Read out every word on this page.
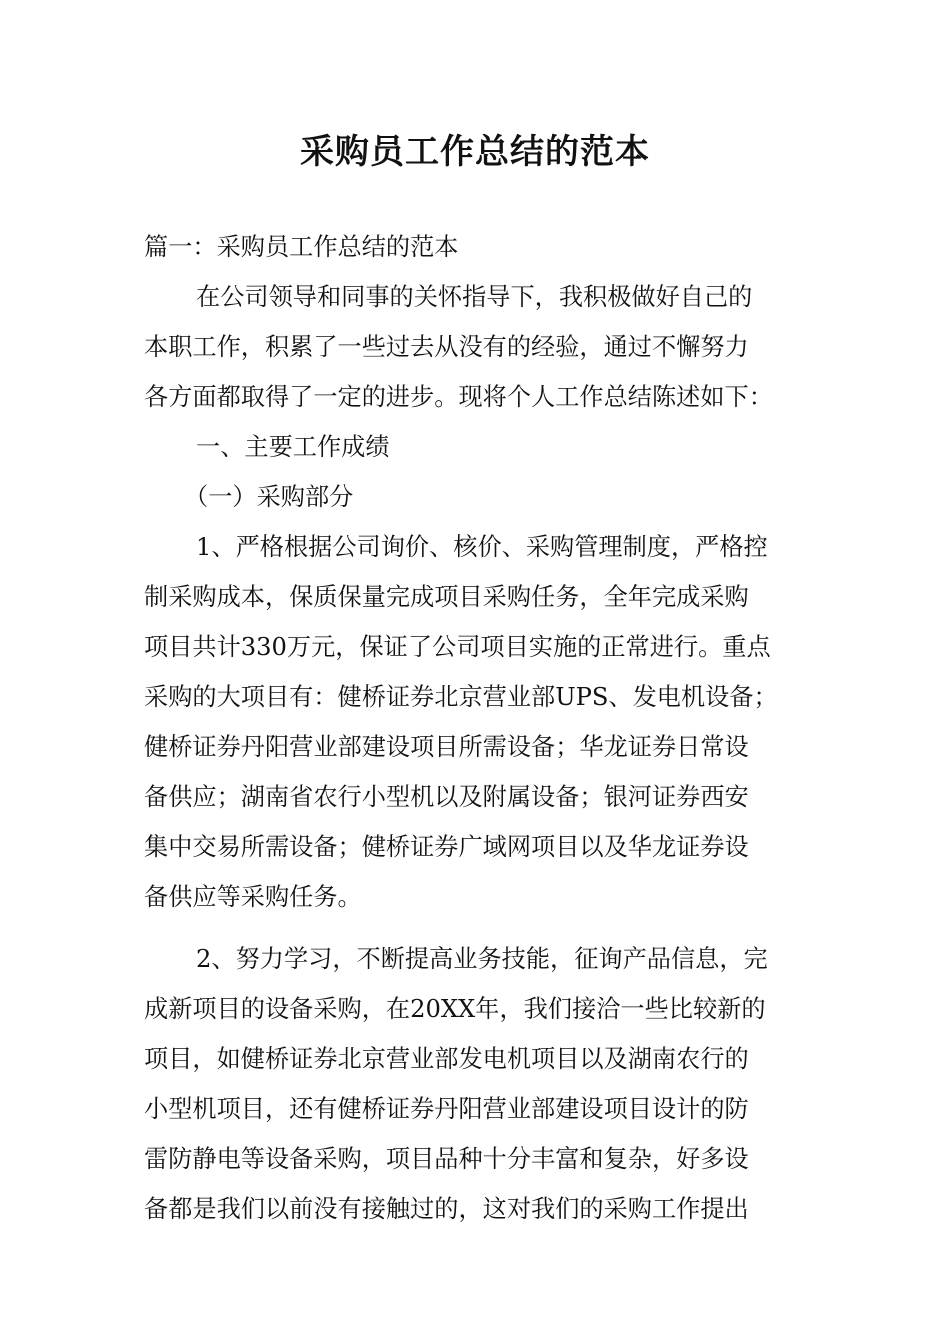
采购员工作总结的范本
篇一：采购员工作总结的范本
在公司领导和同事的关怀指导下，我积极做好自己的
本职工作，积累了一些过去从没有的经验，通过不懈努力
各方面都取得了一定的进步。现将个人工作总结陈述如下：
一、主要工作成绩
（一）采购部分
1、严格根据公司询价、核价、采购管理制度，严格控
制采购成本，保质保量完成项目采购任务，全年完成采购
项目共计330万元，保证了公司项目实施的正常进行。重点
采购的大项目有：健桥证券北京营业部UPS、发电机设备；
健桥证券丹阳营业部建设项目所需设备；华龙证券日常设
备供应；湖南省农行小型机以及附属设备；银河证券西安
集中交易所需设备；健桥证券广域网项目以及华龙证券设
备供应等采购任务。
2、努力学习，不断提高业务技能，征询产品信息，完
成新项目的设备采购，在20XX年，我们接洽一些比较新的
项目，如健桥证券北京营业部发电机项目以及湖南农行的
小型机项目，还有健桥证券丹阳营业部建设项目设计的防
雷防静电等设备采购，项目品种十分丰富和复杂，好多设
备都是我们以前没有接触过的，这对我们的采购工作提出
